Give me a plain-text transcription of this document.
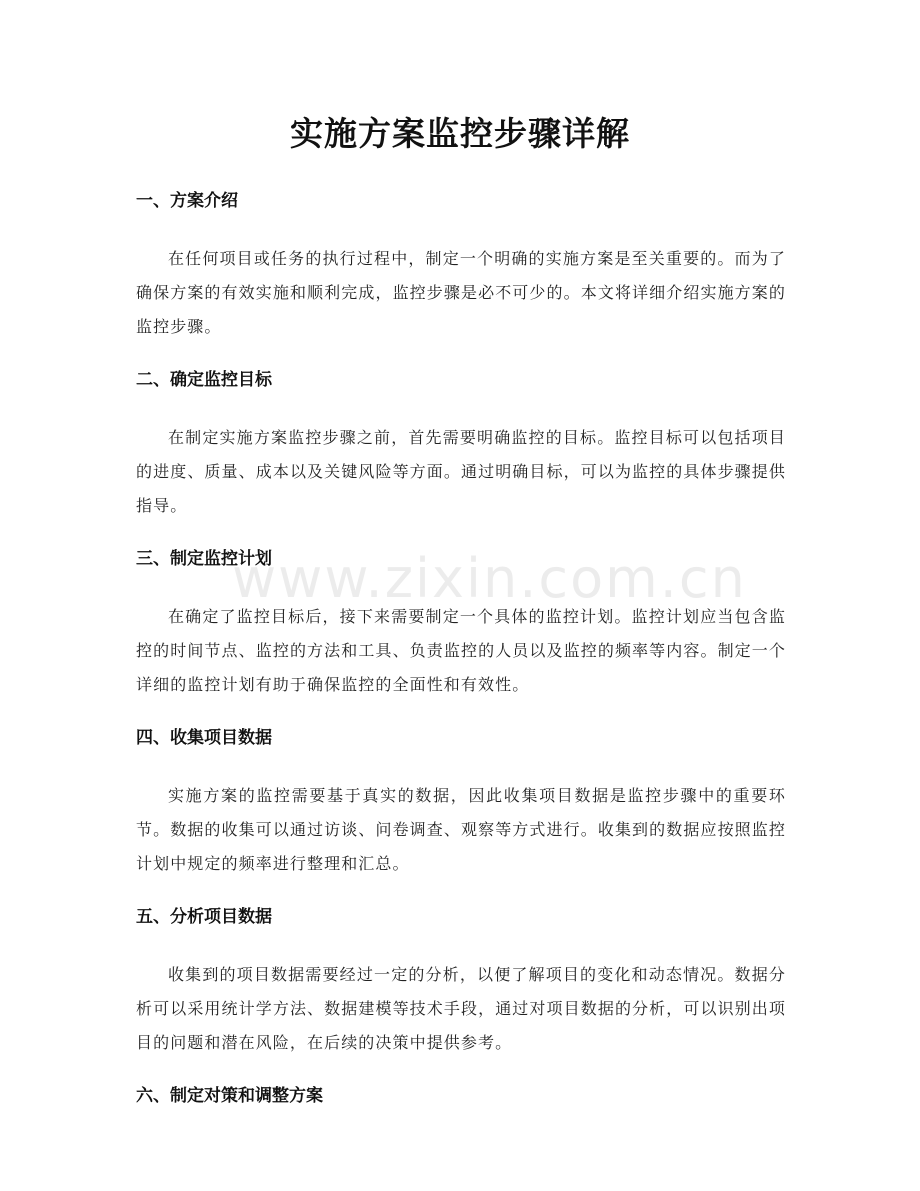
实施方案监控步骤详解
一、方案介绍

在任何项目或任务的执行过程中，制定一个明确的实施方案是至关重要的。而为了确保方案的有效实施和顺利完成，监控步骤是必不可少的。本文将详细介绍实施方案的监控步骤。

二、确定监控目标

在制定实施方案监控步骤之前，首先需要明确监控的目标。监控目标可以包括项目的进度、质量、成本以及关键风险等方面。通过明确目标，可以为监控的具体步骤提供指导。

三、制定监控计划

在确定了监控目标后，接下来需要制定一个具体的监控计划。监控计划应当包含监控的时间节点、监控的方法和工具、负责监控的人员以及监控的频率等内容。制定一个详细的监控计划有助于确保监控的全面性和有效性。

四、收集项目数据

实施方案的监控需要基于真实的数据，因此收集项目数据是监控步骤中的重要环节。数据的收集可以通过访谈、问卷调查、观察等方式进行。收集到的数据应按照监控计划中规定的频率进行整理和汇总。

五、分析项目数据

收集到的项目数据需要经过一定的分析，以便了解项目的变化和动态情况。数据分析可以采用统计学方法、数据建模等技术手段，通过对项目数据的分析，可以识别出项目的问题和潜在风险，在后续的决策中提供参考。

六、制定对策和调整方案
www.zixin.com.cn
